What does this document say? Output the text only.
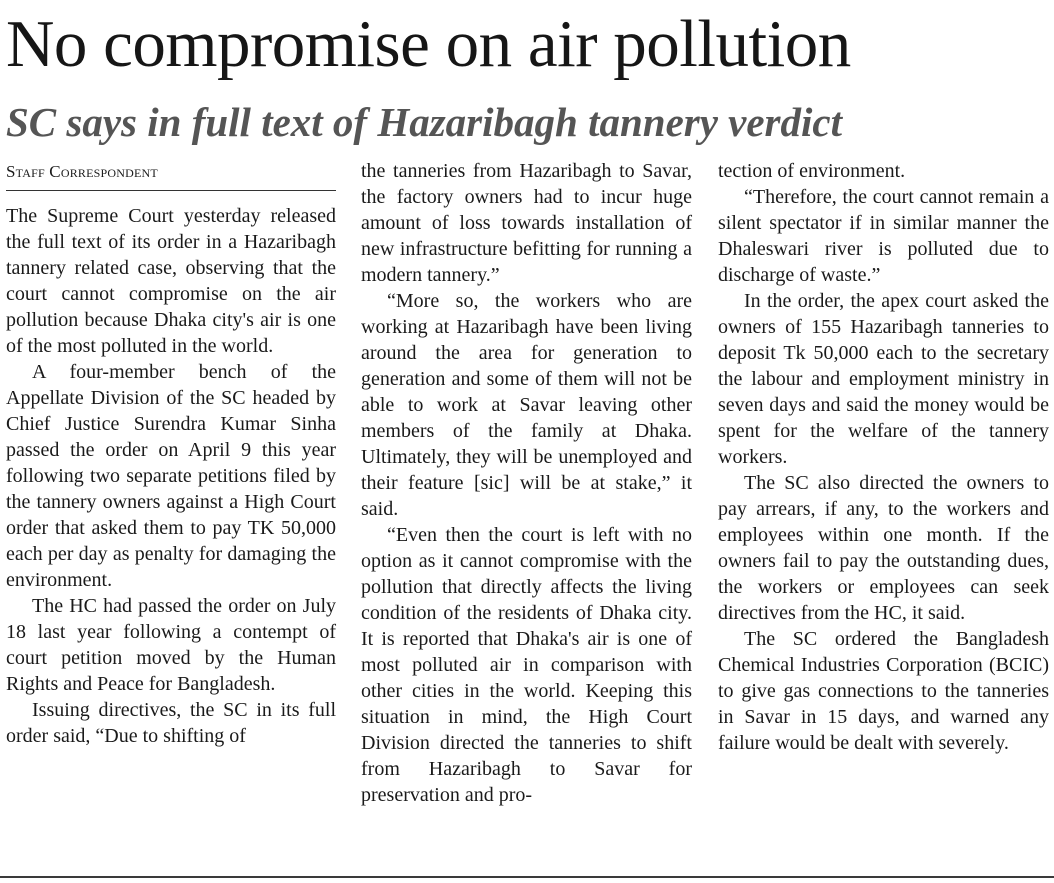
No compromise on air pollution
SC says in full text of Hazaribagh tannery verdict
Staff Correspondent

The Supreme Court yesterday released the full text of its order in a Hazaribagh tannery related case, observing that the court cannot compromise on the air pollution because Dhaka city's air is one of the most polluted in the world.

A four-member bench of the Appellate Division of the SC headed by Chief Justice Surendra Kumar Sinha passed the order on April 9 this year following two separate petitions filed by the tannery owners against a High Court order that asked them to pay TK 50,000 each per day as penalty for damaging the environment.

The HC had passed the order on July 18 last year following a contempt of court petition moved by the Human Rights and Peace for Bangladesh.

Issuing directives, the SC in its full order said, “Due to shifting of

the tanneries from Hazaribagh to Savar, the factory owners had to incur huge amount of loss towards installation of new infrastructure befitting for running a modern tannery.”

“More so, the workers who are working at Hazaribagh have been living around the area for generation to generation and some of them will not be able to work at Savar leaving other members of the family at Dhaka. Ultimately, they will be unemployed and their feature [sic] will be at stake,” it said.

“Even then the court is left with no option as it cannot compromise with the pollution that directly affects the living condition of the residents of Dhaka city. It is reported that Dhaka's air is one of most polluted air in comparison with other cities in the world. Keeping this situation in mind, the High Court Division directed the tanneries to shift from Hazaribagh to Savar for preservation and pro-

tection of environment.

“Therefore, the court cannot remain a silent spectator if in similar manner the Dhaleswari river is polluted due to discharge of waste.”

In the order, the apex court asked the owners of 155 Hazaribagh tanneries to deposit Tk 50,000 each to the secretary the labour and employment ministry in seven days and said the money would be spent for the welfare of the tannery workers.

The SC also directed the owners to pay arrears, if any, to the workers and employees within one month. If the owners fail to pay the outstanding dues, the workers or employees can seek directives from the HC, it said.

The SC ordered the Bangladesh Chemical Industries Corporation (BCIC) to give gas connections to the tanneries in Savar in 15 days, and warned any failure would be dealt with severely.
